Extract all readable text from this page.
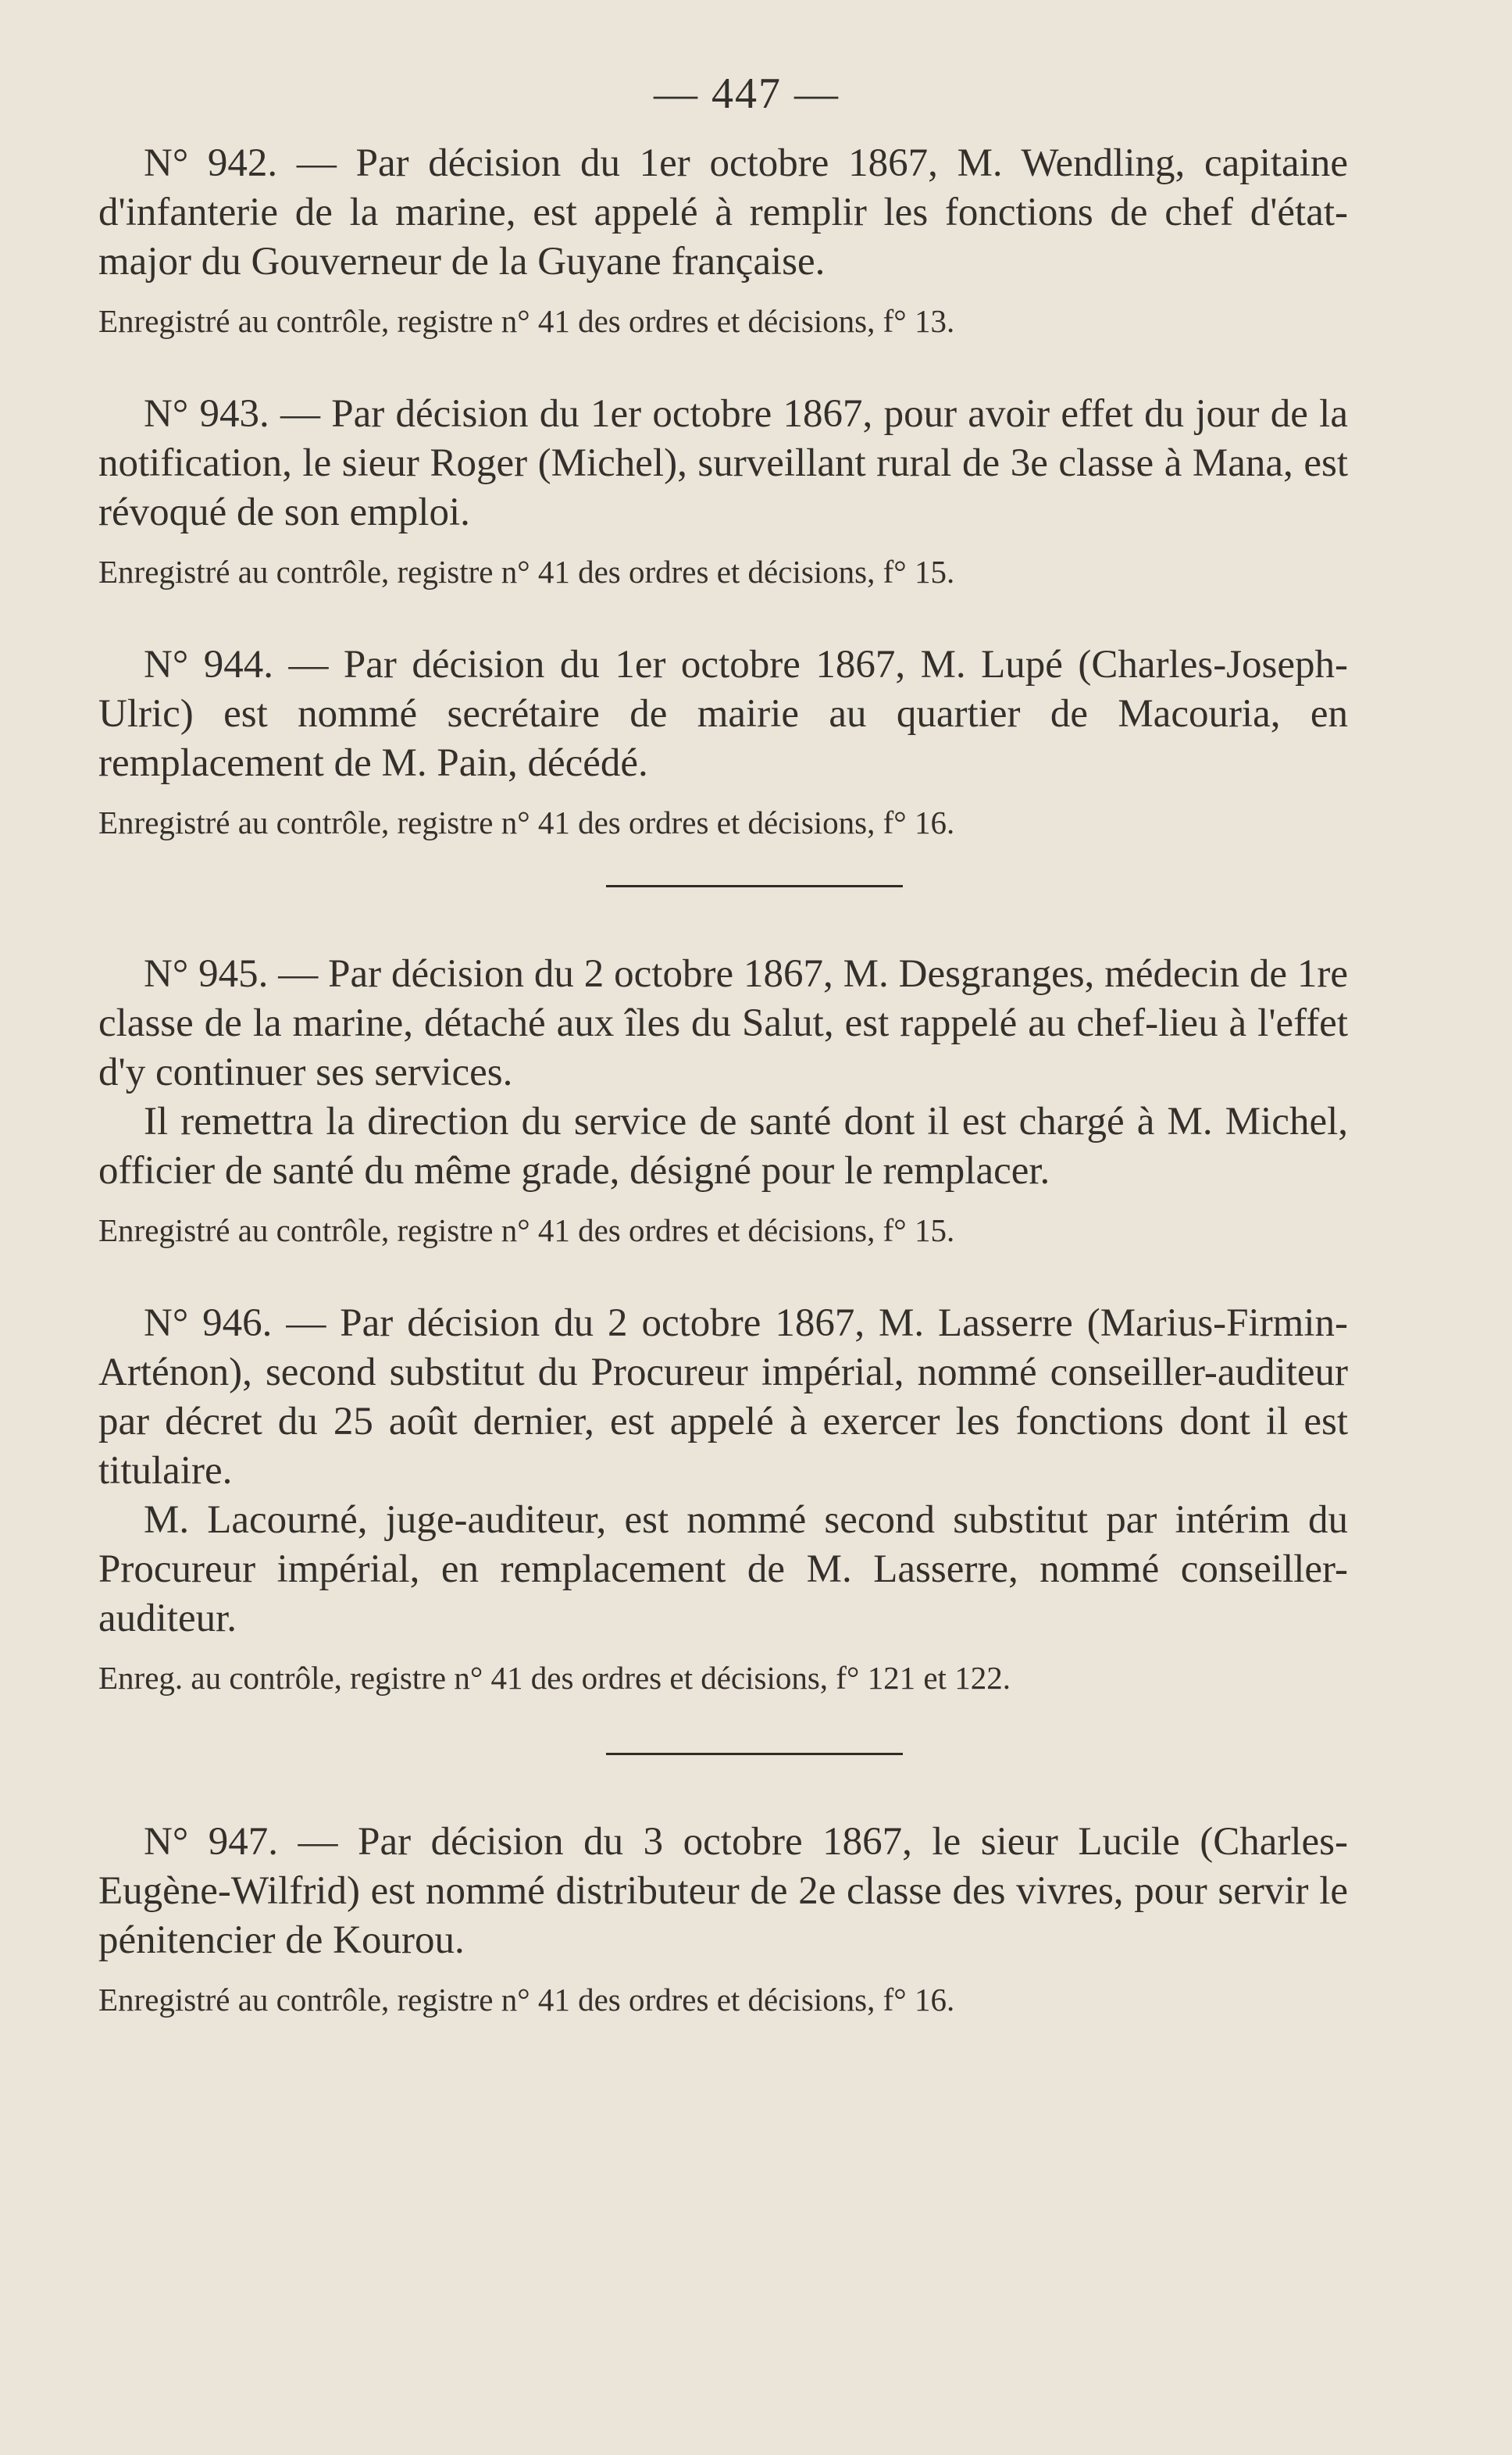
— 447 —

N° 942. — Par décision du 1er octobre 1867, M. Wendling, capitaine d'infanterie de la marine, est appelé à remplir les fonctions de chef d'état-major du Gouverneur de la Guyane française.

Enregistré au contrôle, registre n° 41 des ordres et décisions, f° 13.

N° 943. — Par décision du 1er octobre 1867, pour avoir effet du jour de la notification, le sieur Roger (Michel), surveillant rural de 3e classe à Mana, est révoqué de son emploi.

Enregistré au contrôle, registre n° 41 des ordres et décisions, f° 15.

N° 944. — Par décision du 1er octobre 1867, M. Lupé (Charles-Joseph-Ulric) est nommé secrétaire de mairie au quartier de Macouria, en remplacement de M. Pain, décédé.

Enregistré au contrôle, registre n° 41 des ordres et décisions, f° 16.

N° 945. — Par décision du 2 octobre 1867, M. Desgranges, médecin de 1re classe de la marine, détaché aux îles du Salut, est rappelé au chef-lieu à l'effet d'y continuer ses services.

Il remettra la direction du service de santé dont il est chargé à M. Michel, officier de santé du même grade, désigné pour le remplacer.

Enregistré au contrôle, registre n° 41 des ordres et décisions, f° 15.

N° 946. — Par décision du 2 octobre 1867, M. Lasserre (Marius-Firmin-Arténon), second substitut du Procureur impérial, nommé conseiller-auditeur par décret du 25 août dernier, est appelé à exercer les fonctions dont il est titulaire.

M. Lacourné, juge-auditeur, est nommé second substitut par intérim du Procureur impérial, en remplacement de M. Lasserre, nommé conseiller-auditeur.

Enreg. au contrôle, registre n° 41 des ordres et décisions, f° 121 et 122.

N° 947. — Par décision du 3 octobre 1867, le sieur Lucile (Charles-Eugène-Wilfrid) est nommé distributeur de 2e classe des vivres, pour servir le pénitencier de Kourou.

Enregistré au contrôle, registre n° 41 des ordres et décisions, f° 16.
